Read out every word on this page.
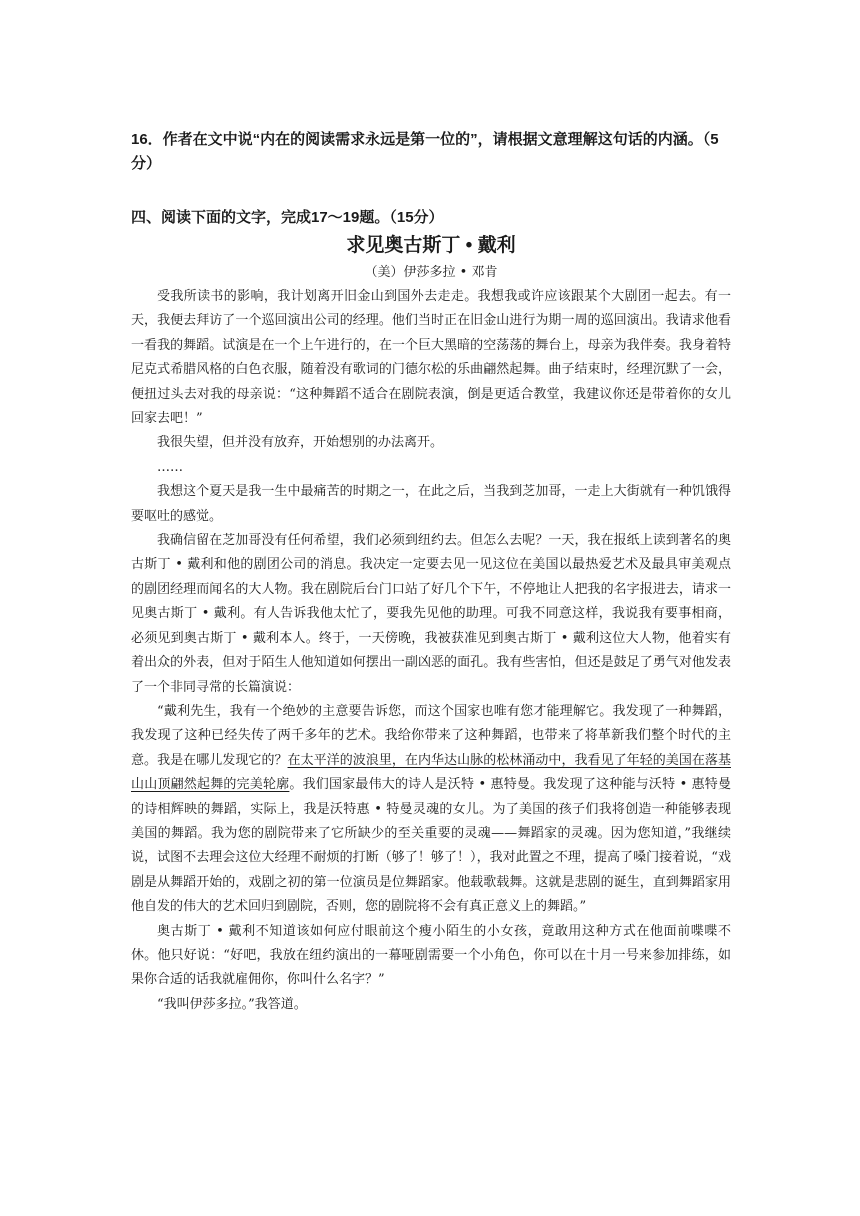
16．作者在文中说“内在的阅读需求永远是第一位的”，请根据文意理解这句话的内涵。（5分）

四、阅读下面的文字，完成17～19题。（15分）

求见奥古斯丁 • 戴利
（美）伊莎多拉 • 邓肯

受我所读书的影响，我计划离开旧金山到国外去走走。我想我或许应该跟某个大剧团一起去。有一天，我便去拜访了一个巡回演出公司的经理。他们当时正在旧金山进行为期一周的巡回演出。我请求他看一看我的舞蹈。试演是在一个上午进行的，在一个巨大黑暗的空荡荡的舞台上，母亲为我伴奏。我身着特尼克式希腊风格的白色衣服，随着没有歌词的门德尔松的乐曲翩然起舞。曲子结束时，经理沉默了一会，便扭过头去对我的母亲说：“这种舞蹈不适合在剧院表演，倒是更适合教堂，我建议你还是带着你的女儿回家去吧！”

我很失望，但并没有放弃，开始想别的办法离开。

……

我想这个夏天是我一生中最痛苦的时期之一，在此之后，当我到芝加哥，一走上大街就有一种饥饿得要呕吐的感觉。

我确信留在芝加哥没有任何希望，我们必须到纽约去。但怎么去呢？一天，我在报纸上读到著名的奥古斯丁 • 戴利和他的剧团公司的消息。我决定一定要去见一见这位在美国以最热爱艺术及最具审美观点的剧团经理而闻名的大人物。我在剧院后台门口站了好几个下午，不停地让人把我的名字报进去，请求一见奥古斯丁 • 戴利。有人告诉我他太忙了，要我先见他的助理。可我不同意这样，我说我有要事相商，必须见到奥古斯丁 • 戴利本人。终于，一天傍晚，我被获准见到奥古斯丁 • 戴利这位大人物，他着实有着出众的外表，但对于陌生人他知道如何摆出一副凶恶的面孔。我有些害怕，但还是鼓足了勇气对他发表了一个非同寻常的长篇演说：

“戴利先生，我有一个绝妙的主意要告诉您，而这个国家也唯有您才能理解它。我发现了一种舞蹈，我发现了这种已经失传了两千多年的艺术。我给你带来了这种舞蹈，也带来了将革新我们整个时代的主意。我是在哪儿发现它的？在太平洋的波浪里，在内华达山脉的松林涌动中，我看见了年轻的美国在落基山山顶翩然起舞的完美轮廓。我们国家最伟大的诗人是沃特 • 惠特曼。我发现了这种能与沃特 • 惠特曼的诗相辉映的舞蹈，实际上，我是沃特惠 • 特曼灵魂的女儿。为了美国的孩子们我将创造一种能够表现美国的舞蹈。我为您的剧院带来了它所缺少的至关重要的灵魂——舞蹈家的灵魂。因为您知道，”我继续说，试图不去理会这位大经理不耐烦的打断（够了！够了！），我对此置之不理，提高了嗓门接着说，“戏剧是从舞蹈开始的，戏剧之初的第一位演员是位舞蹈家。他载歌载舞。这就是悲剧的诞生，直到舞蹈家用他自发的伟大的艺术回归到剧院，否则，您的剧院将不会有真正意义上的舞蹈。”

奥古斯丁 • 戴利不知道该如何应付眼前这个瘦小陌生的小女孩，竟敢用这种方式在他面前喋喋不休。他只好说：“好吧，我放在纽约演出的一幕哑剧需要一个小角色，你可以在十月一号来参加排练，如果你合适的话我就雇佣你，你叫什么名字？”

“我叫伊莎多拉。”我答道。
